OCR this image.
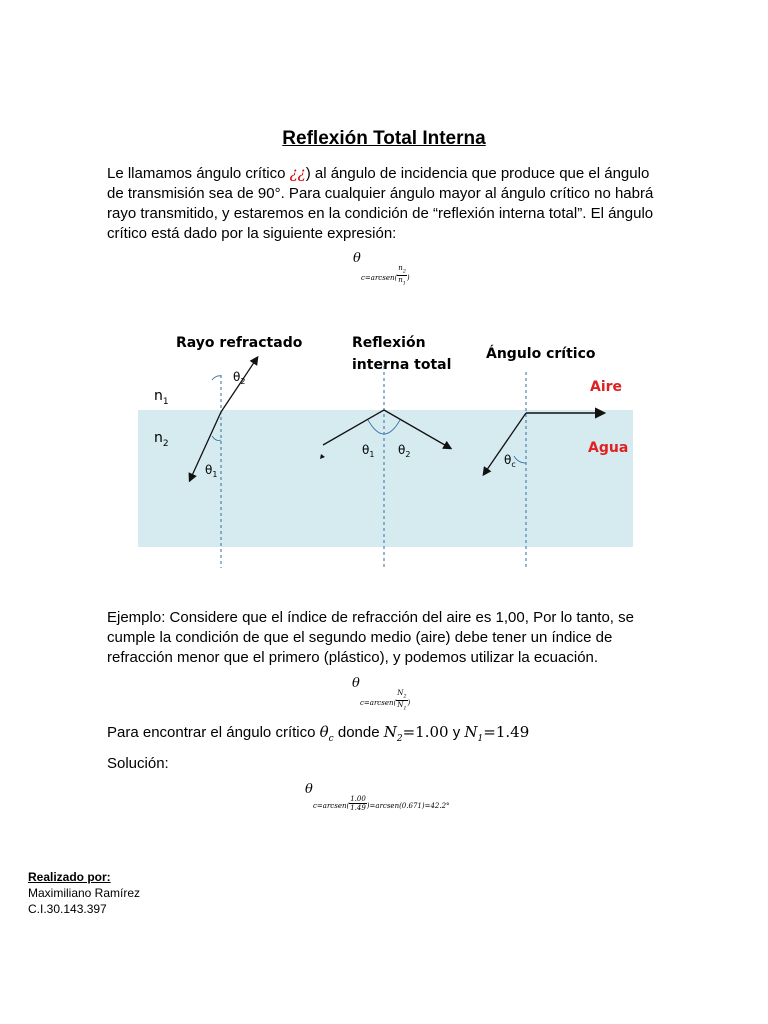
Reflexión Total Interna
Le llamamos ángulo crítico ¿¿) al ángulo de incidencia que produce que el ángulo
de transmisión sea de 90°. Para cualquier ángulo mayor al ángulo crítico no habrá
rayo transmitido, y estaremos en la condición de “reflexión interna total”. El ángulo
crítico está dado por la siguiente expresión:
θ
c=arcsen( $\frac{n_2}{n_1}$ )
Rayo refractado	Reflexión
interna total
Ángulo crítico
Aire
Agua
$n_1$
$n_2$
$\theta_2$
$\theta_1$
$\theta_1$ $\theta_2$	$\theta_c$
Ejemplo: Considere que el índice de refracción del aire es 1,00, Por lo tanto, se
cumple la condición de que el segundo medio (aire) debe tener un índice de
refracción menor que el primero (plástico), y podemos utilizar la ecuación.
θ
c=arcsen( $\frac{N_2}{N_1}$ )
Para encontrar el ángulo crítico $\theta_c$ donde $N_2=1.00$ y $N_1=1.49$
Solución:
θ
c=arcsen( $\frac{1.00}{1.49}$ )=arcsen(0.671)=42.2°
Realizado por:
Maximiliano Ramírez
C.I.30.143.397
